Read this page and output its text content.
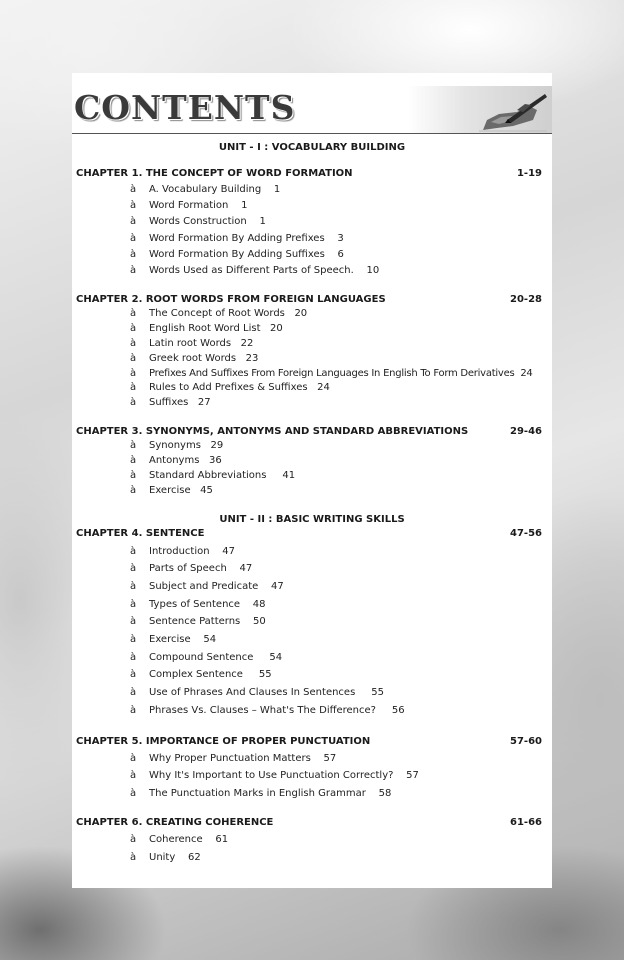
CONTENTS
UNIT - I : VOCABULARY BUILDING
CHAPTER 1. THE CONCEPT OF WORD FORMATION	1-19
à A. Vocabulary Building 1
à Word Formation 1
à Words Construction 1
à Word Formation By Adding Prefixes 3
à Word Formation By Adding Suffixes 6
à Words Used as Different Parts of Speech. 10
CHAPTER 2. ROOT WORDS FROM FOREIGN LANGUAGES	20-28
à The Concept of Root Words 20
à English Root Word List 20
à Latin root Words 22
à Greek root Words 23
à Prefixes And Suffixes From Foreign Languages In English To Form Derivatives 24
à Rules to Add Prefixes & Suffixes 24
à Suffixes 27
CHAPTER 3. SYNONYMS, ANTONYMS AND STANDARD ABBREVIATIONS	29-46
à Synonyms 29
à Antonyms 36
à Standard Abbreviations 41
à Exercise 45
UNIT - II : BASIC WRITING SKILLS
CHAPTER 4. SENTENCE	47-56
à Introduction 47
à Parts of Speech 47
à Subject and Predicate 47
à Types of Sentence 48
à Sentence Patterns 50
à Exercise 54
à Compound Sentence 54
à Complex Sentence 55
à Use of Phrases And Clauses In Sentences 55
à Phrases Vs. Clauses – What's The Difference? 56
CHAPTER 5. IMPORTANCE OF PROPER PUNCTUATION	57-60
à Why Proper Punctuation Matters 57
à Why It's Important to Use Punctuation Correctly? 57
à The Punctuation Marks in English Grammar 58
CHAPTER 6. CREATING COHERENCE	61-66
à Coherence 61
à Unity 62
